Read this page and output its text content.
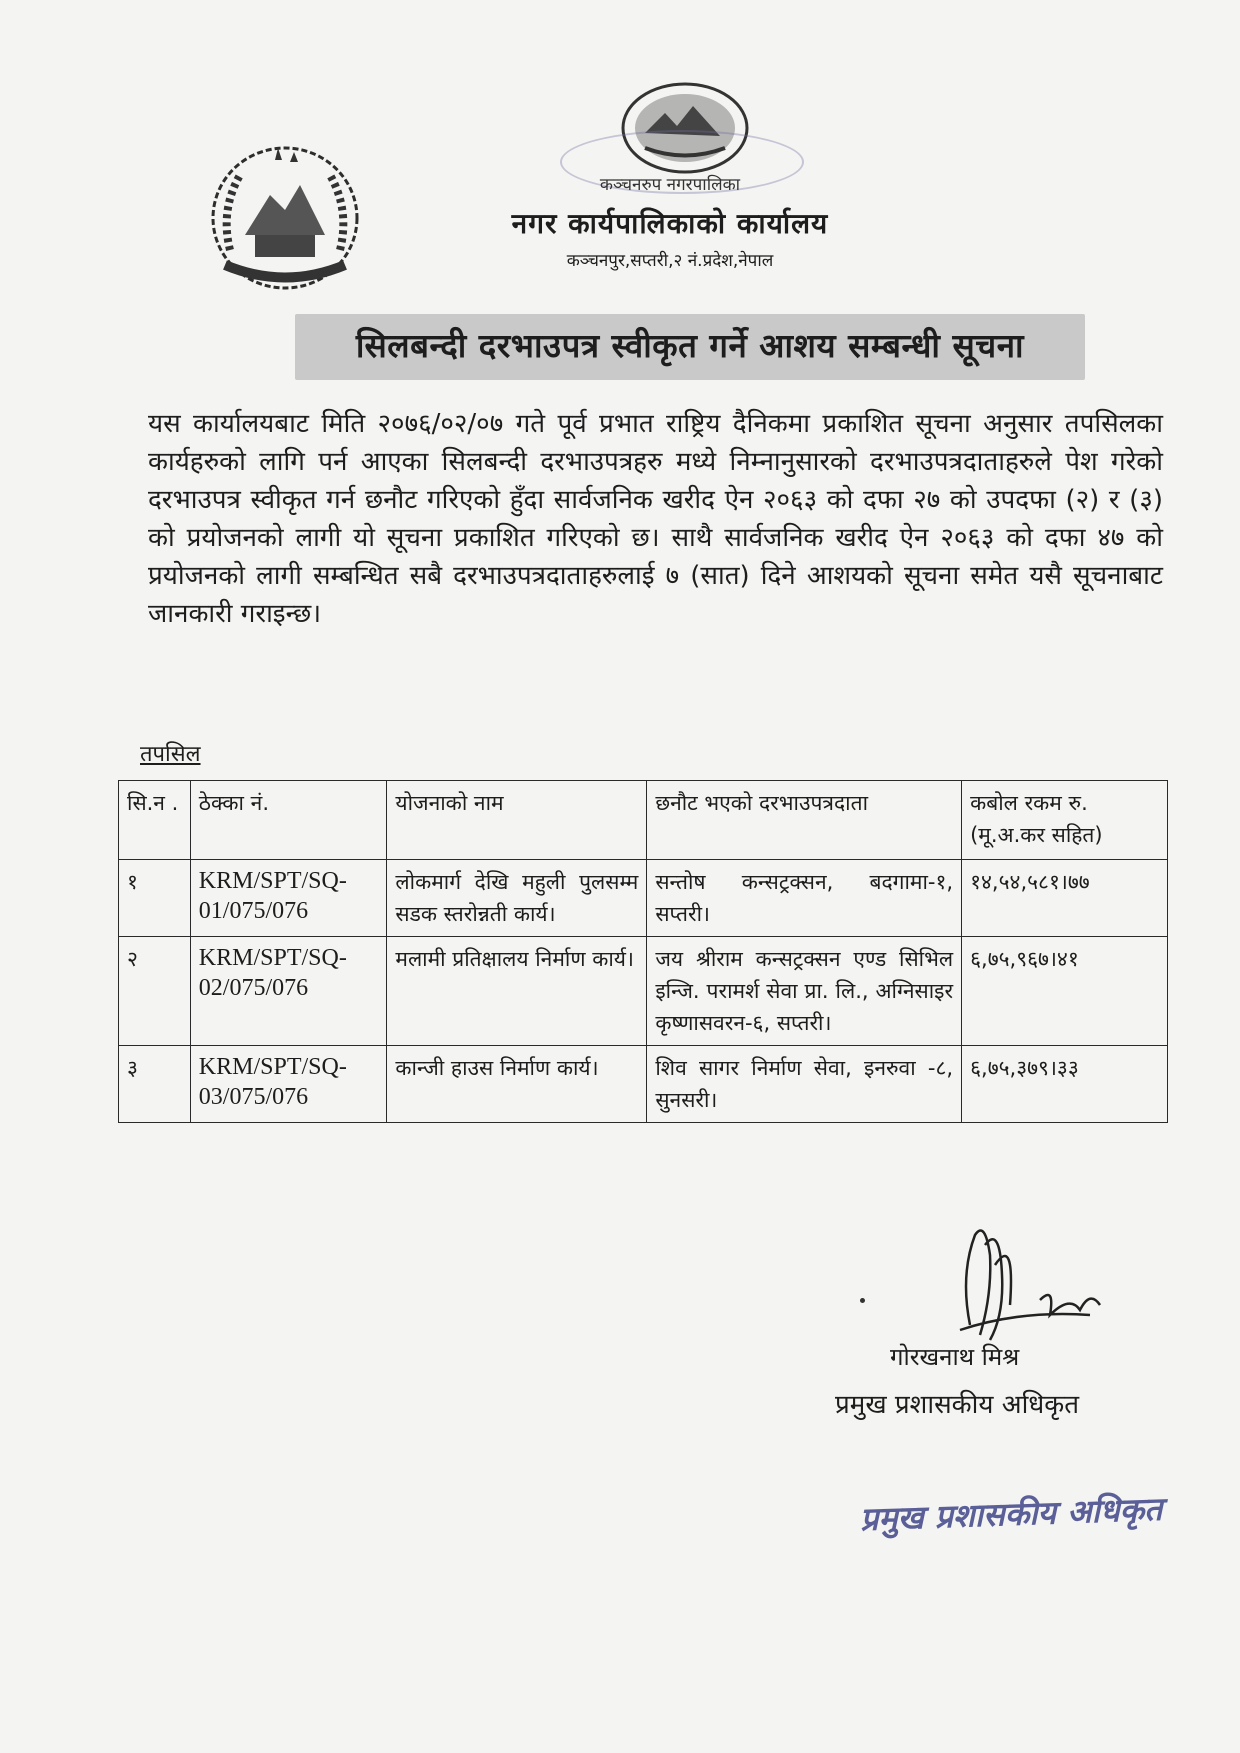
कञ्चनरुप नगरपालिका
नगर कार्यपालिकाको कार्यालय
कञ्चनपुर,सप्तरी,२ नं.प्रदेश,नेपाल
सिलबन्दी दरभाउपत्र स्वीकृत गर्ने आशय सम्बन्धी सूचना
यस कार्यालयबाट मिति २०७६/०२/०७ गते पूर्व प्रभात राष्ट्रिय दैनिकमा प्रकाशित सूचना अनुसार तपसिलका कार्यहरुको लागि पर्न आएका सिलबन्दी दरभाउपत्रहरु मध्ये निम्नानुसारको दरभाउपत्रदाताहरुले पेश गरेको दरभाउपत्र स्वीकृत गर्न छनौट गरिएको हुँदा सार्वजनिक खरीद ऐन २०६३ को दफा २७ को उपदफा (२) र (३) को प्रयोजनको लागी यो सूचना प्रकाशित गरिएको छ। साथै सार्वजनिक खरीद ऐन २०६३ को दफा ४७ को प्रयोजनको लागी सम्बन्धित सबै दरभाउपत्रदाताहरुलाई ७ (सात) दिने आशयको सूचना समेत यसै सूचनाबाट जानकारी गराइन्छ।
तपसिल
सि.न .	ठेक्का नं.	योजनाको नाम	छनौट भएको दरभाउपत्रदाता	कबोल रकम रु. (मू.अ.कर सहित)
१	KRM/SPT/SQ-01/075/076	लोकमार्ग देखि महुली पुलसम्म सडक स्तरोन्नती कार्य।	सन्तोष कन्सट्रक्सन, बदगामा-१, सप्तरी।	१४,५४,५८१।७७
२	KRM/SPT/SQ-02/075/076	मलामी प्रतिक्षालय निर्माण कार्य।	जय श्रीराम कन्सट्रक्सन एण्ड सिभिल इन्जि. परामर्श सेवा प्रा. लि., अग्निसाइर कृष्णासवरन-६, सप्तरी।	६,७५,९६७।४१
३	KRM/SPT/SQ-03/075/076	कान्जी हाउस निर्माण कार्य।	शिव सागर निर्माण सेवा, इनरुवा -८, सुनसरी।	६,७५,३७९।३३
गोरखनाथ मिश्र
प्रमुख प्रशासकीय अधिकृत
प्रमुख प्रशासकीय अधिकृत
